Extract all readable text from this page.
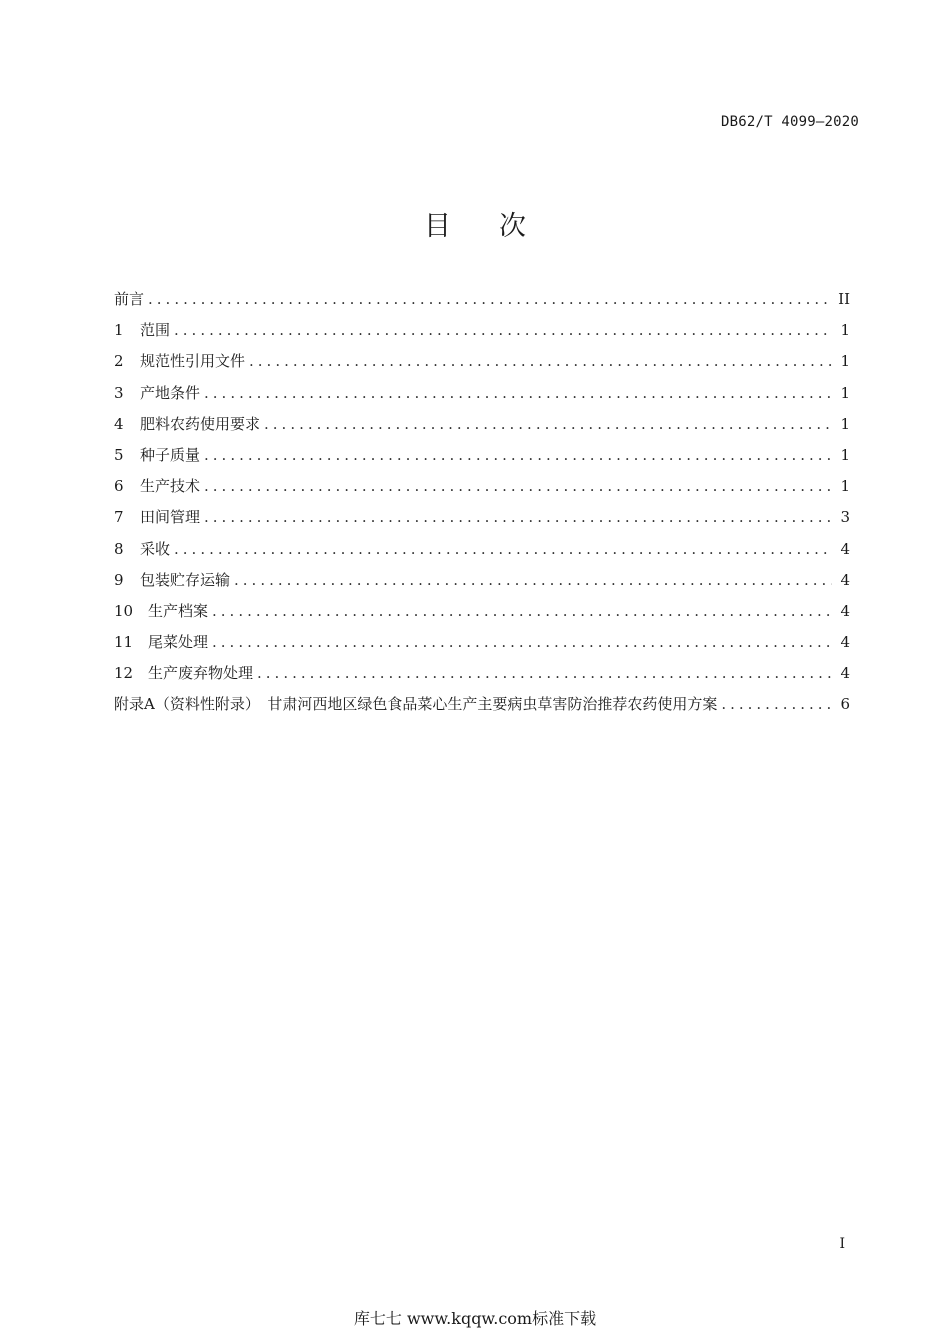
DB62/T 4099—2020
目 次
前言 .....	II
1	范围 .....	1
2	规范性引用文件 .....	1
3	产地条件 .....	1
4	肥料农药使用要求 .....	1
5	种子质量 .....	1
6	生产技术 .....	1
7	田间管理 .....	3
8	采收 .....	4
9	包装贮存运输 .....	4
10 生产档案 .....	4
11 尾菜处理 .....	4
12 生产废弃物处理 .....	4
附录A（资料性附录）　甘肃河西地区绿色食品菜心生产主要病虫草害防治推荐农药使用方案 .....	6
I
库七七 www.kqqw.com标准下载
